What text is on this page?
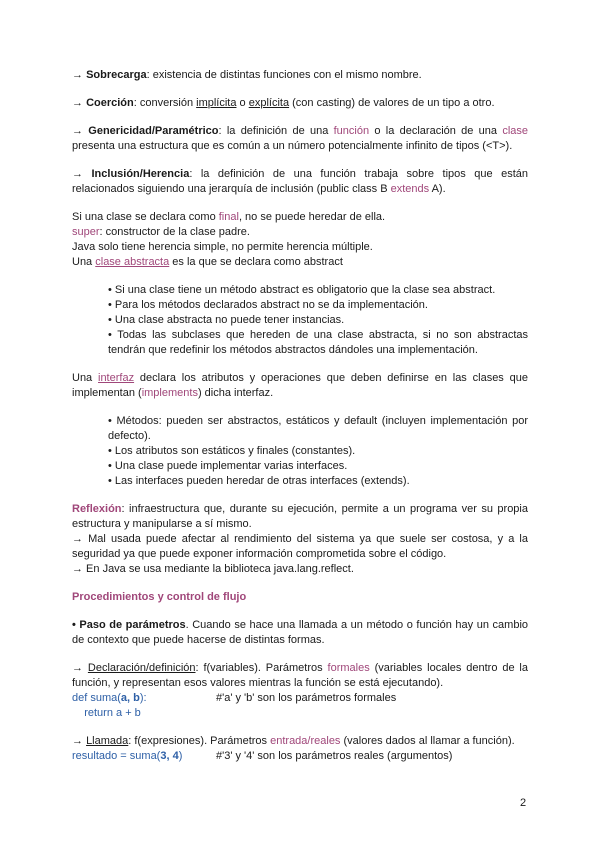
→ Sobrecarga: existencia de distintas funciones con el mismo nombre.

→ Coerción: conversión implícita o explícita (con casting) de valores de un tipo a otro.

→ Genericidad/Paramétrico: la definición de una función o la declaración de una clase presenta una estructura que es común a un número potencialmente infinito de tipos (<T>).

→ Inclusión/Herencia: la definición de una función trabaja sobre tipos que están relacionados siguiendo una jerarquía de inclusión (public class B extends A).

Si una clase se declara como final, no se puede heredar de ella.

super: constructor de la clase padre.

Java solo tiene herencia simple, no permite herencia múltiple.

Una clase abstracta es la que se declara como abstract

• Si una clase tiene un método abstract es obligatorio que la clase sea abstract.

• Para los métodos declarados abstract no se da implementación.

• Una clase abstracta no puede tener instancias.

• Todas las subclases que hereden de una clase abstracta, si no son abstractas tendrán que redefinir los métodos abstractos dándoles una implementación.

Una interfaz declara los atributos y operaciones que deben definirse en las clases que implementan (implements) dicha interfaz.

• Métodos: pueden ser abstractos, estáticos y default (incluyen implementación por defecto).

• Los atributos son estáticos y finales (constantes).

• Una clase puede implementar varias interfaces.

• Las interfaces pueden heredar de otras interfaces (extends).

Reflexión: infraestructura que, durante su ejecución, permite a un programa ver su propia estructura y manipularse a sí mismo.

→ Mal usada puede afectar al rendimiento del sistema ya que suele ser costosa, y a la seguridad ya que puede exponer información comprometida sobre el código.

→ En Java se usa mediante la biblioteca java.lang.reflect.

Procedimientos y control de flujo

• Paso de parámetros. Cuando se hace una llamada a un método o función hay un cambio de contexto que puede hacerse de distintas formas.

→ Declaración/definición: f(variables). Parámetros formales (variables locales dentro de la función, y representan esos valores mientras la función se está ejecutando).

def suma(a, b):	#'a' y 'b' son los parámetros formales
return a + b

→ Llamada: f(expresiones). Parámetros entrada/reales (valores dados al llamar a función).

resultado = suma(3, 4)	#'3' y '4' son los parámetros reales (argumentos)
2
